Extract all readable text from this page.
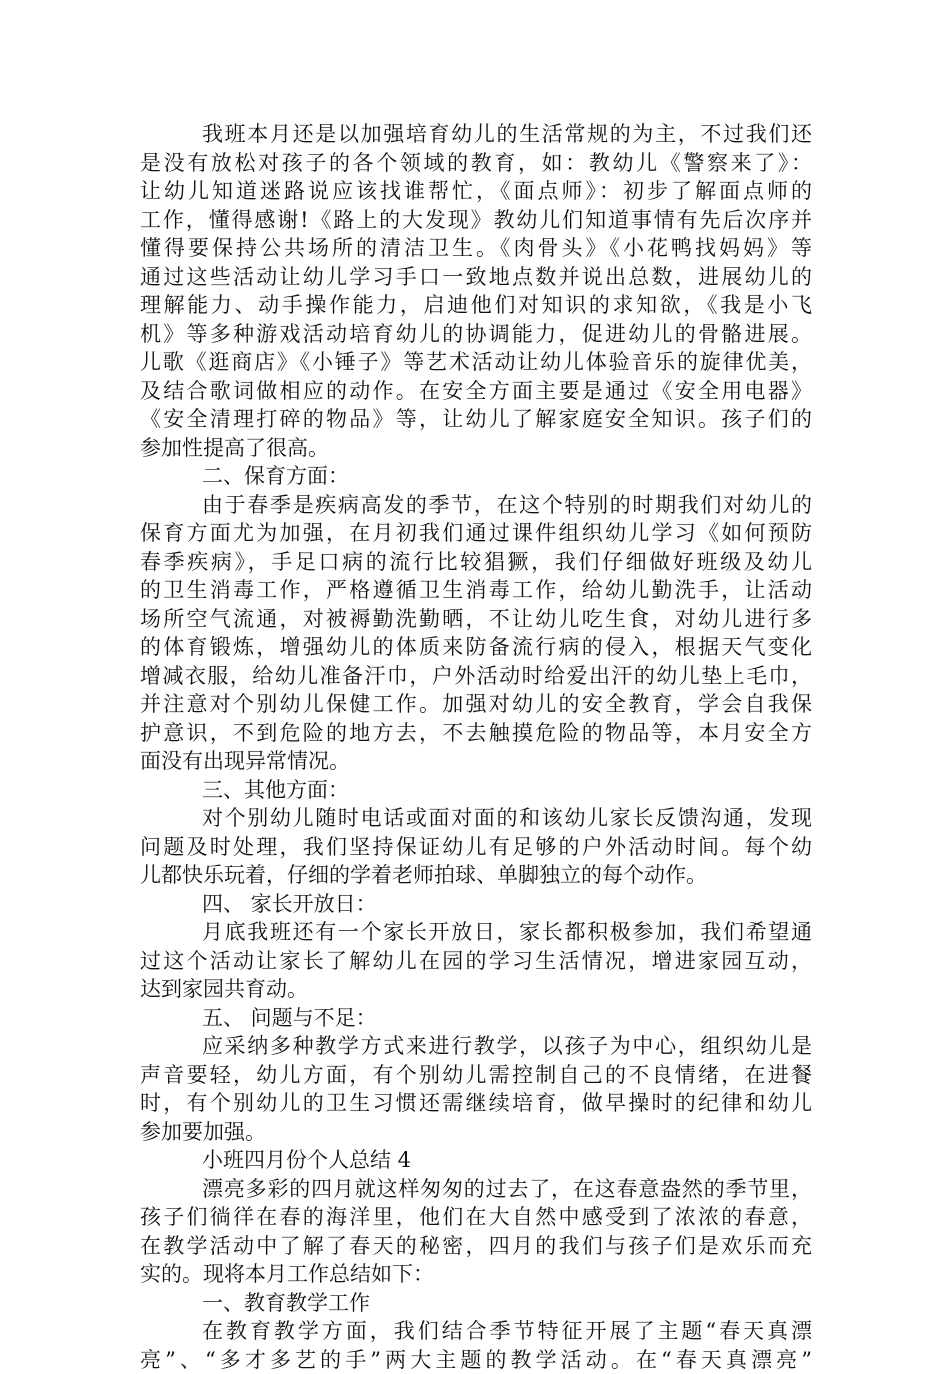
我班本月还是以加强培育幼儿的生活常规的为主，不过我们还
是没有放松对孩子的各个领域的教育，如：教幼儿《警察来了》：
让幼儿知道迷路说应该找谁帮忙，《面点师》：初步了解面点师的
工作，懂得感谢!《路上的大发现》教幼儿们知道事情有先后次序并
懂得要保持公共场所的清洁卫生。《肉骨头》《小花鸭找妈妈》等
通过这些活动让幼儿学习手口一致地点数并说出总数，进展幼儿的
理解能力、动手操作能力，启迪他们对知识的求知欲，《我是小飞
机》等多种游戏活动培育幼儿的协调能力，促进幼儿的骨骼进展。
儿歌《逛商店》《小锤子》等艺术活动让幼儿体验音乐的旋律优美，
及结合歌词做相应的动作。在安全方面主要是通过《安全用电器》
《安全清理打碎的物品》等，让幼儿了解家庭安全知识。孩子们的
参加性提高了很高。
二、保育方面：
由于春季是疾病高发的季节，在这个特别的时期我们对幼儿的
保育方面尤为加强，在月初我们通过课件组织幼儿学习《如何预防
春季疾病》，手足口病的流行比较猖獗，我们仔细做好班级及幼儿
的卫生消毒工作，严格遵循卫生消毒工作，给幼儿勤洗手，让活动
场所空气流通，对被褥勤洗勤晒，不让幼儿吃生食，对幼儿进行多
的体育锻炼，增强幼儿的体质来防备流行病的侵入，根据天气变化
增减衣服，给幼儿准备汗巾，户外活动时给爱出汗的幼儿垫上毛巾，
并注意对个别幼儿保健工作。加强对幼儿的安全教育，学会自我保
护意识，不到危险的地方去，不去触摸危险的物品等，本月安全方
面没有出现异常情况。
三、其他方面：
对个别幼儿随时电话或面对面的和该幼儿家长反馈沟通，发现
问题及时处理，我们坚持保证幼儿有足够的户外活动时间。每个幼
儿都快乐玩着，仔细的学着老师拍球、单脚独立的每个动作。
四、 家长开放日：
月底我班还有一个家长开放日，家长都积极参加，我们希望通
过这个活动让家长了解幼儿在园的学习生活情况，增进家园互动，
达到家园共育动。
五、 问题与不足：
应采纳多种教学方式来进行教学，以孩子为中心，组织幼儿是
声音要轻，幼儿方面，有个别幼儿需控制自己的不良情绪，在进餐
时，有个别幼儿的卫生习惯还需继续培育，做早操时的纪律和幼儿
参加要加强。
小班四月份个人总结 4
漂亮多彩的四月就这样匆匆的过去了，在这春意盎然的季节里，
孩子们徜徉在春的海洋里，他们在大自然中感受到了浓浓的春意，
在教学活动中了解了春天的秘密，四月的我们与孩子们是欢乐而充
实的。现将本月工作总结如下：
一、教育教学工作
在教育教学方面，我们结合季节特征开展了主题“春天真漂
亮”、“多才多艺的手”两大主题的教学活动。在“春天真漂亮”
